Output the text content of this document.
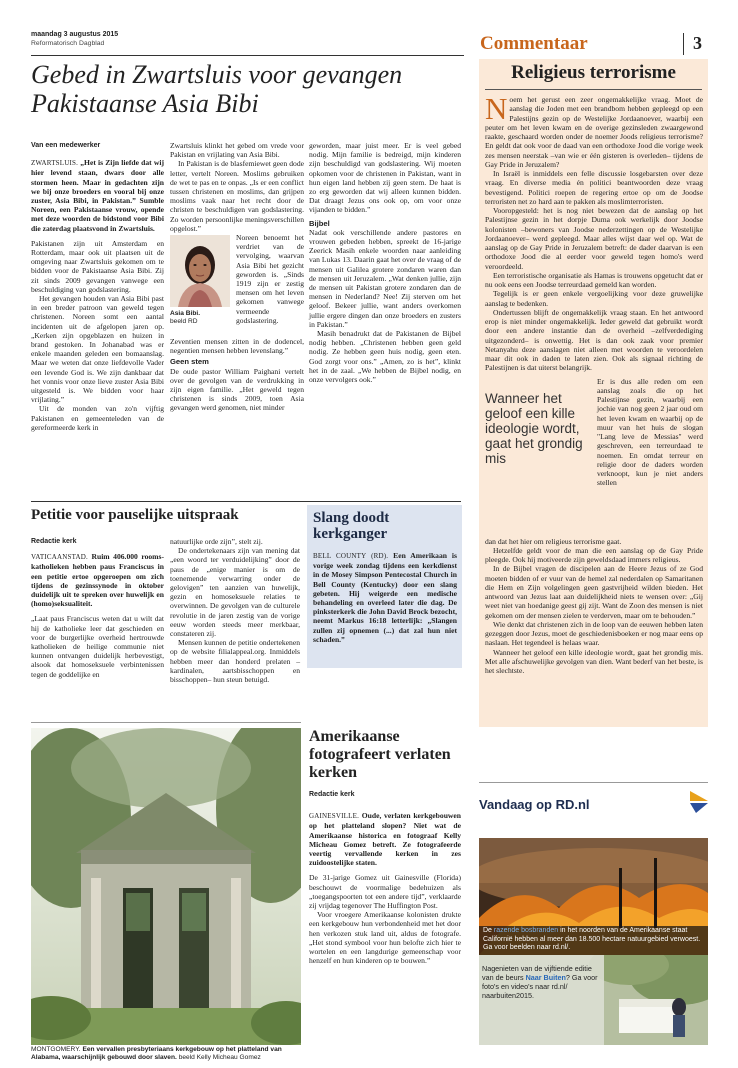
maandag 3 augustus 2015
Reformatorisch Dagblad	Commentaar	3
Gebed in Zwartsluis voor gevangen Pakistaanse Asia Bibi

Van een medewerker

ZWARTSLUIS. „Het is Zijn liefde dat wij hier levend staan, dwars door alle stormen heen. Maar in gedachten zijn we bij onze broeders en vooral bij onze zuster, Asia Bibi, in Pakistan.” Sumble Noreen, een Pakistaanse vrouw, opende met deze woorden de bidstond voor Bibi die zaterdag plaatsvond in Zwartsluis.

Pakistanen zijn uit Amsterdam en Rotterdam, maar ook uit plaatsen uit de omgeving naar Zwartsluis gekomen om te bidden voor de Pakistaanse Asia Bibi. Zij zit sinds 2009 gevangen vanwege een beschuldiging van godslastering.

Het gevangen houden van Asia Bibi past in een breder patroon van geweld tegen christenen. Noreen somt een aantal incidenten uit de afgelopen jaren op. „Kerken zijn opgeblazen en huizen in brand gestoken. In Johanabad was er enkele maanden geleden een bomaanslag. Maar we weten dat onze liefdevolle Vader een levende God is. We zijn dankbaar dat het vonnis voor onze lieve zuster Asia Bibi uitgesteld is. We bidden voor haar vrijlating.”

Uit de monden van zo'n vijftig Pakistanen en gemeenteleden van de gereformeerde kerk in

Zwartsluis klinkt het gebed om vrede voor Pakistan en vrijlating van Asia Bibi.

In Pakistan is de blasfemiewet geen dode letter, vertelt Noreen. Moslims gebruiken de wet te pas en te onpas. „Is er een conflict tussen christenen en moslims, dan grijpen moslims vaak naar het recht door de christen te beschuldigen van godslastering. Zo worden persoonlijke meningsverschillen opgelost.”

Asia Bibi.
beeld RD

Noreen benoemt het verdriet van de vervolging, waarvan Asia Bibi het gezicht geworden is. „Sinds 1919 zijn er zestig mensen om het leven gekomen vanwege vermeende godslastering.

Zeventien mensen zitten in de dodencel, negentien mensen hebben levenslang.”

Geen stem

De oude pastor William Paighani vertelt over de gevolgen van de verdrukking in zijn eigen familie. „Het geweld tegen christenen is sinds 2009, toen Asia gevangen werd genomen, niet minder

geworden, maar juist meer. Er is veel gebed nodig. Mijn familie is bedreigd, mijn kinderen zijn beschuldigd van godslastering. Wij moeten opkomen voor de christenen in Pakistan, want in hun eigen land hebben zij geen stem. De haat is zo erg geworden dat wij alleen kunnen bidden. Dat draagt Jezus ons ook op, om voor onze vijanden te bidden.”

Bijbel

Nadat ook verschillende andere pastores en vrouwen gebeden hebben, spreekt de 16-jarige Zeerick Masih enkele woorden naar aanleiding van Lukas 13. Daarin gaat het over de vraag of de mensen uit Galilea grotere zondaren waren dan de mensen uit Jeruzalem. „Wat denken jullie, zijn de mensen uit Pakistan grotere zondaren dan de mensen in Nederland? Nee! Zij sterven om het geloof. Bekeer jullie, want anders overkomen jullie ergere dingen dan onze broeders en zusters in Pakistan.”

Masih benadrukt dat de Pakistanen de Bijbel nodig hebben. „Christenen hebben geen geld nodig. Ze hebben geen huis nodig, geen eten. God zorgt voor ons.” „Amen, zo is het”, klinkt het in de zaal. „We hebben de Bijbel nodig, en onze vervolgers ook.”

Petitie voor pauselijke uitspraak

Redactie kerk

VATICAANSTAD. Ruim 406.000 rooms-katholieken hebben paus Franciscus in een petitie ertoe opgeroepen om zich tijdens de gezinssynode in oktober duidelijk uit te spreken over huwelijk en (homo)seksualiteit.

„Laat paus Franciscus weten dat u wilt dat hij de katholieke leer dat geschieden en voor de burgerlijke overheid hertrouwde katholieken de heilige communie niet kunnen ontvangen duidelijk herbevestigt, alsook dat homoseksuele verbintenissen tegen de goddelijke en

natuurlijke orde zijn”, stelt zij.

De ondertekenaars zijn van mening dat „een woord ter verduidelijking” door de paus de „enige manier is om de toenemende verwarring onder de gelovigen” ten aanzien van huwelijk, gezin en homoseksuele relaties te overwinnen. De gevolgen van de culturele revolutie in de jaren zestig van de vorige eeuw worden steeds meer merkbaar, constateren zij.

Mensen kunnen de petitie ondertekenen op de website filialappeal.org. Inmiddels hebben meer dan honderd prelaten –kardinalen, aartsbisschoppen en bisschoppen– hun steun betuigd.

Slang doodt kerkganger

BELL COUNTY (RD). Een Amerikaan is vorige week zondag tijdens een kerkdienst in de Mosey Simpson Pentecostal Church in Bell County (Kentucky) door een slang gebeten. Hij weigerde een medische behandeling en overleed later die dag. De pinksterkerk die John David Brock bezocht, neemt Markus 16:18 letterlijk: „Slangen zullen zij opnemen (...) dat zal hun niet schaden.”

MONTGOMERY. Een vervallen presbyteriaans kerkgebouw op het platteland van Alabama, waarschijnlijk gebouwd door slaven. beeld Kelly Micheau Gomez
Amerikaanse fotografeert verlaten kerken

Redactie kerk

GAINESVILLE. Oude, verlaten kerkgebouwen op het platteland slopen? Niet wat de Amerikaanse historica en fotograaf Kelly Micheau Gomez betreft. Ze fotografeerde veertig vervallende kerken in zes zuidoostelijke staten.

De 31-jarige Gomez uit Gainesville (Florida) beschouwt de voormalige bedehuizen als „toegangspoorten tot een andere tijd”, verklaarde zij vrijdag tegenover The Huffington Post.

Voor vroegere Amerikaanse kolonisten drukte een kerkgebouw hun verbondenheid met het door hen verkozen stuk land uit, aldus de fotografe. „Het stond symbool voor hun belofte zich hier te wortelen en een langdurige gemeenschap voor henzelf en hun kinderen op te bouwen.”

Religieus terrorisme

Noem het gerust een zeer ongemakkelijke vraag. Moet de aanslag die Joden met een brandbom hebben gepleegd op een Palestijns gezin op de Westelijke Jordaanoever, waarbij een peuter om het leven kwam en de overige gezinsleden zwaargewond raakte, geschaard worden onder de noemer Joods religieus terrorisme? En geldt dat ook voor de daad van een orthodoxe Jood die vorige week zes mensen neerstak –van wie er één gisteren is overleden– tijdens de Gay Pride in Jeruzalem?

In Israël is inmiddels een felle discussie losgebarsten over deze vraag. En diverse media én politici beantwoorden deze vraag bevestigend. Politici roepen de regering ertoe op om de Joodse terroristen net zo hard aan te pakken als moslimterroristen.

Vooropgesteld: het is nog niet bewezen dat de aanslag op het Palestijnse gezin in het dorpje Duma ook werkelijk door Joodse kolonisten –bewoners van Joodse nederzettingen op de Westelijke Jordaanoever– werd gepleegd. Maar alles wijst daar wel op. Wat de aanslag op de Gay Pride in Jeruzalem betreft: de dader daarvan is een orthodoxe Jood die al eerder voor geweld tegen homo's werd veroordeeld.

Een terroristische organisatie als Hamas is trouwens opgetucht dat er nu ook eens een Joodse terreurdaad gemeld kan worden.

Tegelijk is er geen enkele vergoelijking voor deze gruwelijke aanslag te bedenken.

Ondertussen blijft de ongemakkelijk vraag staan. En het antwoord erop is niet minder ongemakkelijk. Ieder geweld dat gebruikt wordt door een andere instantie dan de overheid –zelfverdediging uitgezonderd– is onwettig. Het is dan ook zaak voor premier Netanyahu deze aanslagen niet alleen met woorden te veroordelen maar dit ook in daden te laten zien. Ook als signaal richting de Palestijnen is dat uiterst belangrijk.

Wanneer het geloof een kille ideologie wordt, gaat het grondig mis

Er is dus alle reden om een aanslag zoals die op het Palestijnse gezin, waarbij een jochie van nog geen 2 jaar oud om het leven kwam en waarbij op de muur van het huis de slogan "Lang leve de Messias" werd geschreven, een terreurdaad te noemen. En omdat terreur en religie door de daders worden verknoopt, kun je niet anders stellen

dan dat het hier om religieus terrorisme gaat.

Hetzelfde geldt voor de man die een aanslag op de Gay Pride pleegde. Ook hij motiveerde zijn geweldsdaad immers religieus.

In de Bijbel vragen de discipelen aan de Heere Jezus of ze God moeten bidden of er vuur van de hemel zal nederdalen op Samaritanen die Hem en Zijn volgelingen geen gastvrijheid wilden bieden. Het antwoord van Jezus laat aan duidelijkheid niets te wensen over: „Gij weet niet van hoedanige geest gij zijt. Want de Zoon des mensen is niet gekomen om der mensen zielen te verderven, maar om te behouden.”

Wie denkt dat christenen zich in de loop van de eeuwen hebben laten gezeggen door Jezus, moet de geschiedenisboeken er nog maar eens op naslaan. Het tegendeel is helaas waar.

Wanneer het geloof een kille ideologie wordt, gaat het grondig mis. Met alle afschuwelijke gevolgen van dien. Want bederf van het beste, is het slechtste.

Vandaag op RD.nl
De razende bosbranden in het noorden van de Amerikaanse staat Californië hebben al meer dan 18.500 hectare natuurgebied verwoest. Ga voor beelden naar rd.nl/.
Nagenieten van de vijftiende editie van de beurs Naar Buiten? Ga voor foto's en video's naar rd.nl/ naarbuiten2015.
